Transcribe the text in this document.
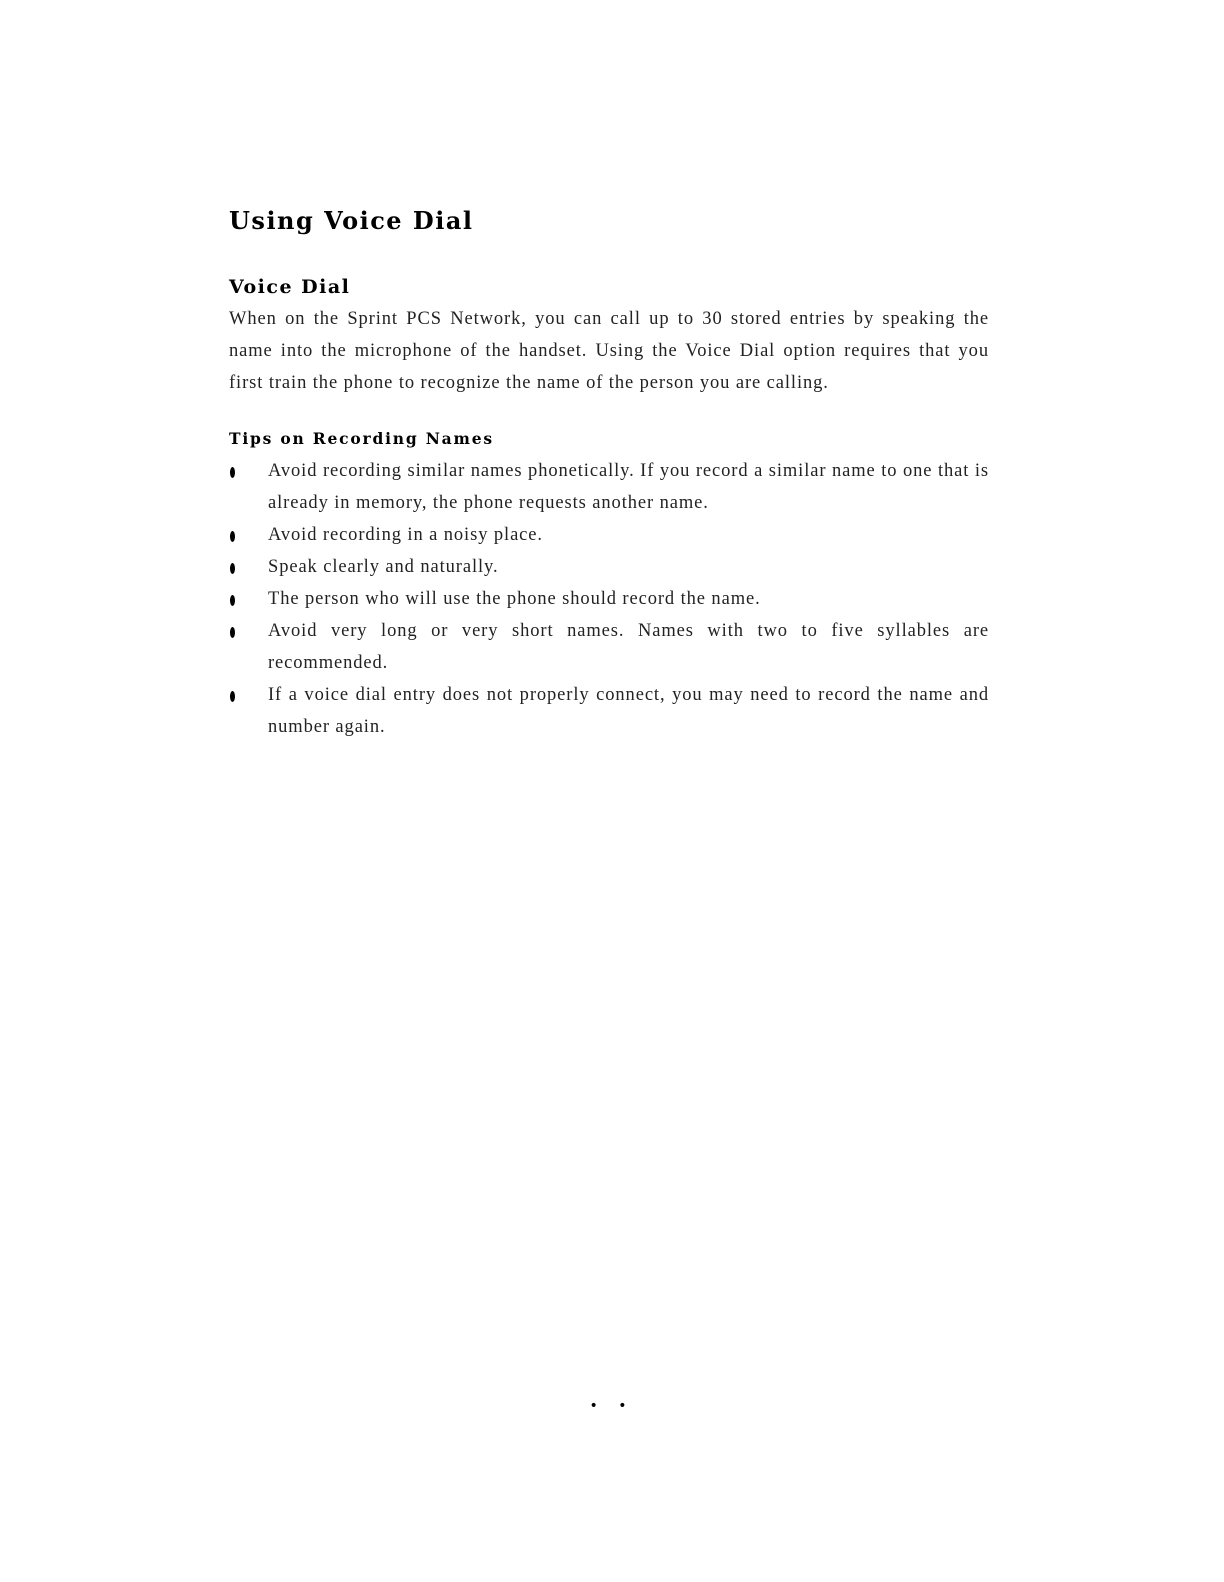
Using Voice Dial
Voice Dial

When on the Sprint PCS Network, you can call up to 30 stored entries by speaking the name into the microphone of the handset. Using the Voice Dial option requires that you first train the phone to recognize the name of the person you are calling.

Tips on Recording Names
Avoid recording similar names phonetically. If you record a similar name to one that is already in memory, the phone requests another name.
Avoid recording in a noisy place.
Speak clearly and naturally.
The person who will use the phone should record the name.
Avoid very long or very short names. Names with two to five syllables are recommended.
If a voice dial entry does not properly connect, you may need to record the name and number again.
• •
